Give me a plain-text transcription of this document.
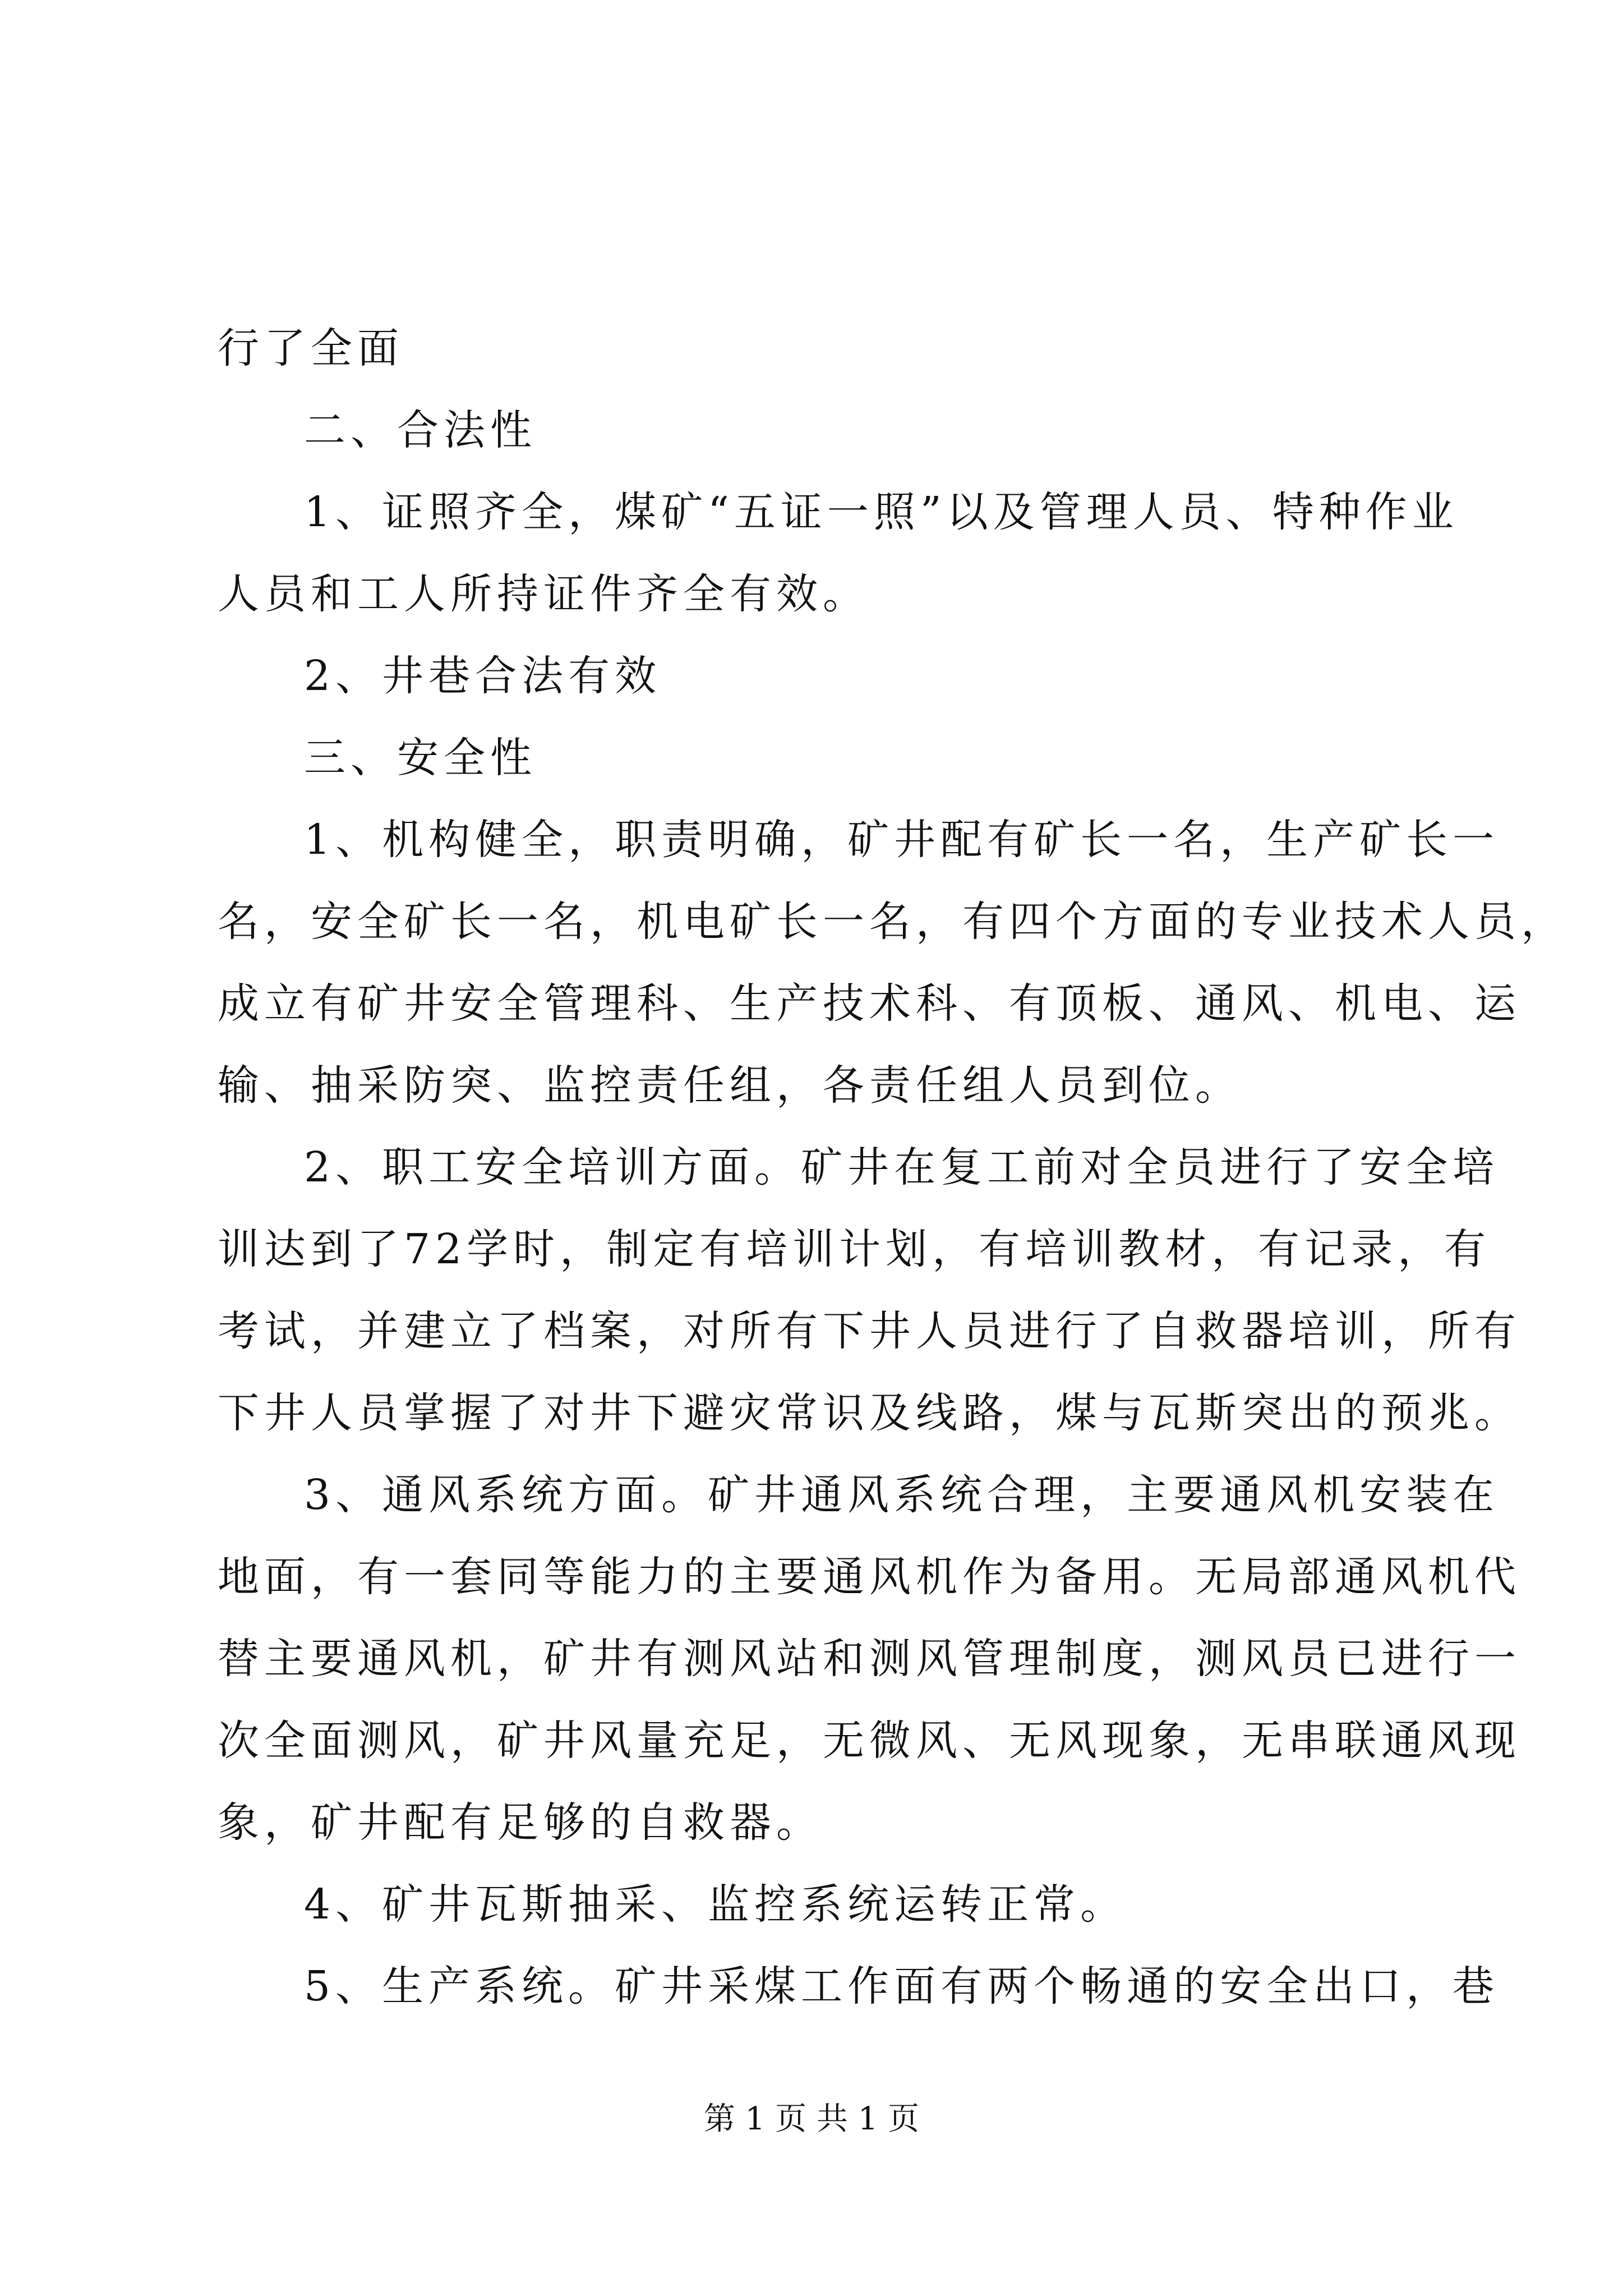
行了全面
二、合法性
1、证照齐全，煤矿“五证一照”以及管理人员、特种作业
人员和工人所持证件齐全有效。
2、井巷合法有效
三、安全性
1、机构健全，职责明确，矿井配有矿长一名，生产矿长一
名，安全矿长一名，机电矿长一名，有四个方面的专业技术人员，
成立有矿井安全管理科、生产技术科、有顶板、通风、机电、运
输、抽采防突、监控责任组，各责任组人员到位。
2、职工安全培训方面。矿井在复工前对全员进行了安全培
训达到了72学时，制定有培训计划，有培训教材，有记录，有
考试，并建立了档案，对所有下井人员进行了自救器培训，所有
下井人员掌握了对井下避灾常识及线路，煤与瓦斯突出的预兆。
3、通风系统方面。矿井通风系统合理，主要通风机安装在
地面，有一套同等能力的主要通风机作为备用。无局部通风机代
替主要通风机，矿井有测风站和测风管理制度，测风员已进行一
次全面测风，矿井风量充足，无微风、无风现象，无串联通风现
象，矿井配有足够的自救器。
4、矿井瓦斯抽采、监控系统运转正常。
5、生产系统。矿井采煤工作面有两个畅通的安全出口，巷
第 1 页 共 1 页
